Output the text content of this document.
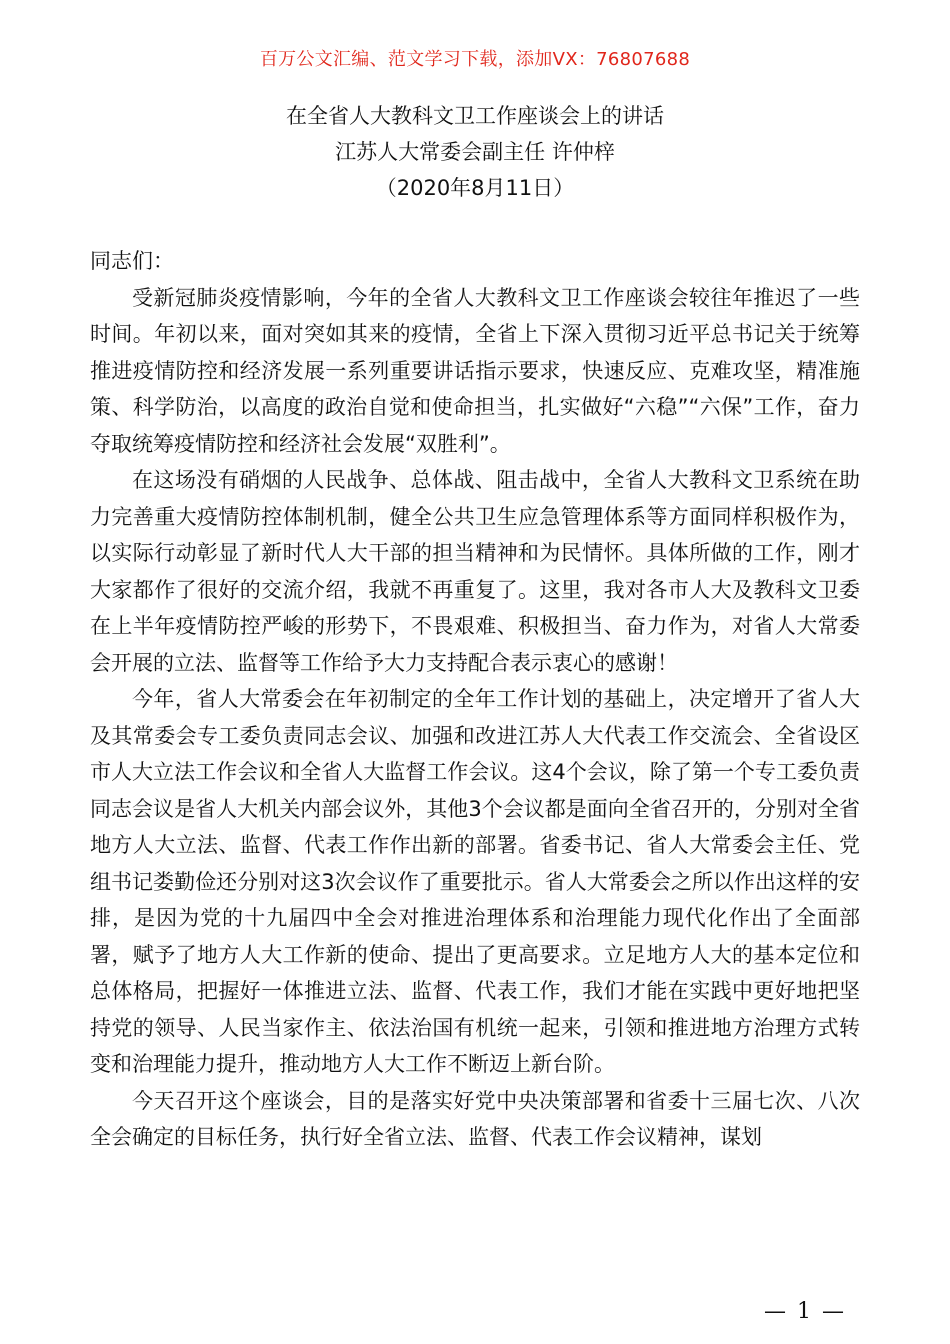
百万公文汇编、范文学习下载，添加VX：76807688
在全省人大教科文卫工作座谈会上的讲话
江苏人大常委会副主任 许仲梓
（2020年8月11日）

同志们：

受新冠肺炎疫情影响，今年的全省人大教科文卫工作座谈会较往年推迟了一些时间。年初以来，面对突如其来的疫情，全省上下深入贯彻习近平总书记关于统筹推进疫情防控和经济发展一系列重要讲话指示要求，快速反应、克难攻坚，精准施策、科学防治，以高度的政治自觉和使命担当，扎实做好“六稳”“六保”工作，奋力夺取统筹疫情防控和经济社会发展“双胜利”。

在这场没有硝烟的人民战争、总体战、阻击战中，全省人大教科文卫系统在助力完善重大疫情防控体制机制，健全公共卫生应急管理体系等方面同样积极作为，以实际行动彰显了新时代人大干部的担当精神和为民情怀。具体所做的工作，刚才大家都作了很好的交流介绍，我就不再重复了。这里，我对各市人大及教科文卫委在上半年疫情防控严峻的形势下，不畏艰难、积极担当、奋力作为，对省人大常委会开展的立法、监督等工作给予大力支持配合表示衷心的感谢！

今年，省人大常委会在年初制定的全年工作计划的基础上，决定增开了省人大及其常委会专工委负责同志会议、加强和改进江苏人大代表工作交流会、全省设区市人大立法工作会议和全省人大监督工作会议。这4个会议，除了第一个专工委负责同志会议是省人大机关内部会议外，其他3个会议都是面向全省召开的，分别对全省地方人大立法、监督、代表工作作出新的部署。省委书记、省人大常委会主任、党组书记娄勤俭还分别对这3次会议作了重要批示。省人大常委会之所以作出这样的安排，是因为党的十九届四中全会对推进治理体系和治理能力现代化作出了全面部署，赋予了地方人大工作新的使命、提出了更高要求。立足地方人大的基本定位和总体格局，把握好一体推进立法、监督、代表工作，我们才能在实践中更好地把坚持党的领导、人民当家作主、依法治国有机统一起来，引领和推进地方治理方式转变和治理能力提升，推动地方人大工作不断迈上新台阶。

今天召开这个座谈会，目的是落实好党中央决策部署和省委十三届七次、八次全会确定的目标任务，执行好全省立法、监督、代表工作会议精神，谋划

— 1 —
